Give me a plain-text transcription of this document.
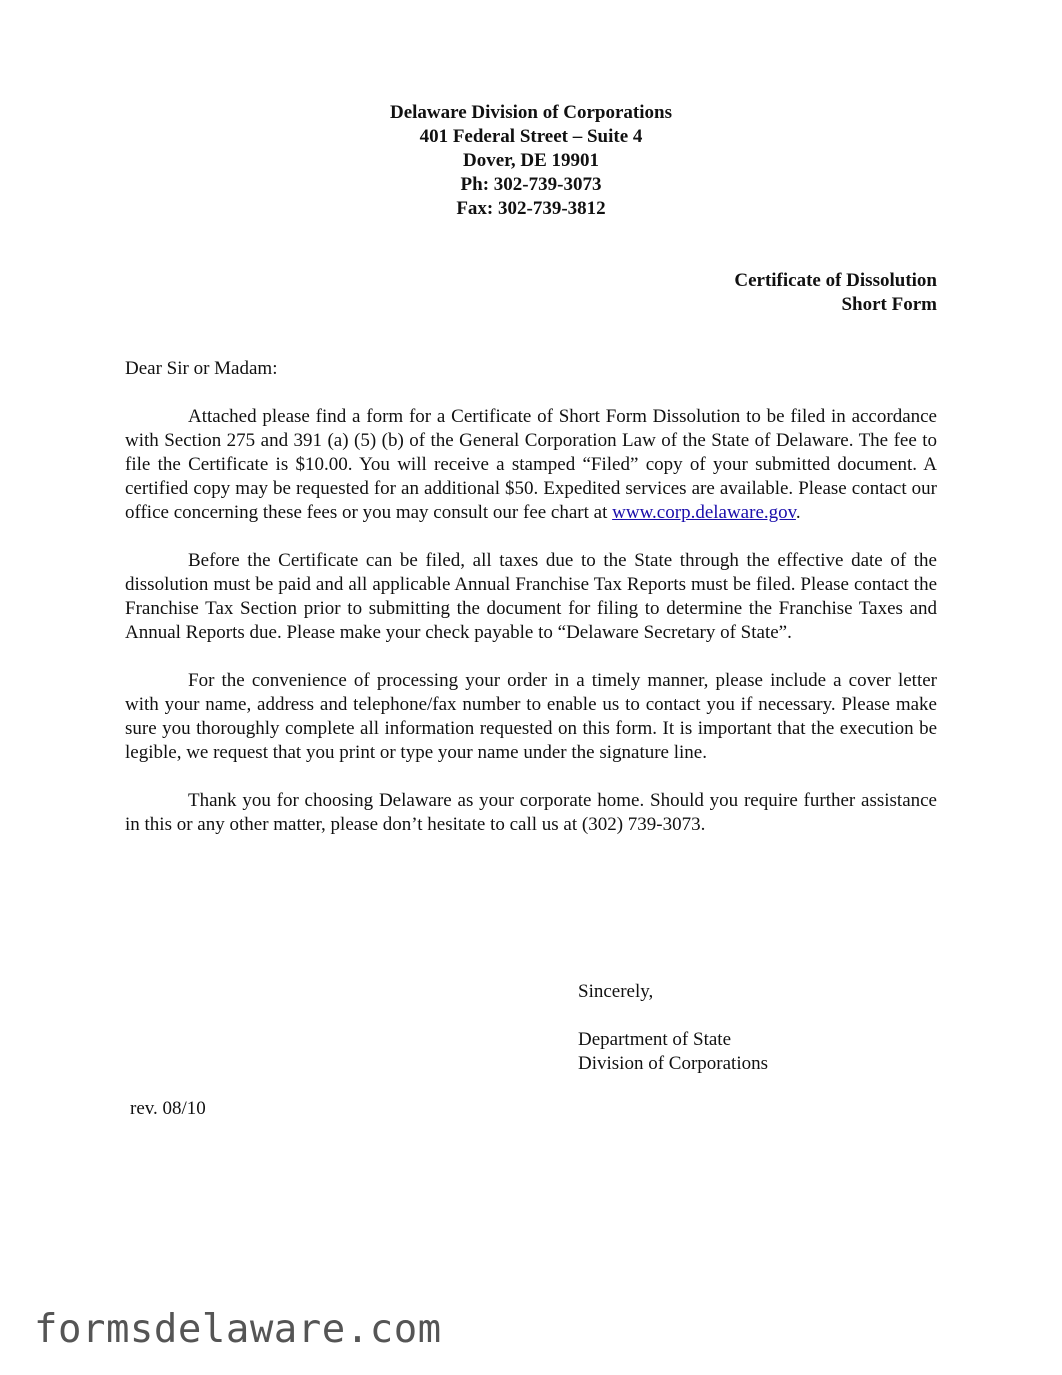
Delaware Division of Corporations
401 Federal Street – Suite 4
Dover, DE 19901
Ph: 302-739-3073
Fax: 302-739-3812
Certificate of Dissolution
Short Form

Dear Sir or Madam:

Attached please find a form for a Certificate of Short Form Dissolution to be filed in accordance with Section 275 and 391 (a) (5) (b) of the General Corporation Law of the State of Delaware. The fee to file the Certificate is $10.00. You will receive a stamped “Filed” copy of your submitted document. A certified copy may be requested for an additional $50. Expedited services are available. Please contact our office concerning these fees or you may consult our fee chart at www.corp.delaware.gov.

Before the Certificate can be filed, all taxes due to the State through the effective date of the dissolution must be paid and all applicable Annual Franchise Tax Reports must be filed. Please contact the Franchise Tax Section prior to submitting the document for filing to determine the Franchise Taxes and Annual Reports due. Please make your check payable to “Delaware Secretary of State”.

For the convenience of processing your order in a timely manner, please include a cover letter with your name, address and telephone/fax number to enable us to contact you if necessary. Please make sure you thoroughly complete all information requested on this form. It is important that the execution be legible, we request that you print or type your name under the signature line.

Thank you for choosing Delaware as your corporate home. Should you require further assistance in this or any other matter, please don’t hesitate to call us at (302) 739-3073.

Sincerely,
Department of State
Division of Corporations
rev. 08/10
formsdelaware.com
